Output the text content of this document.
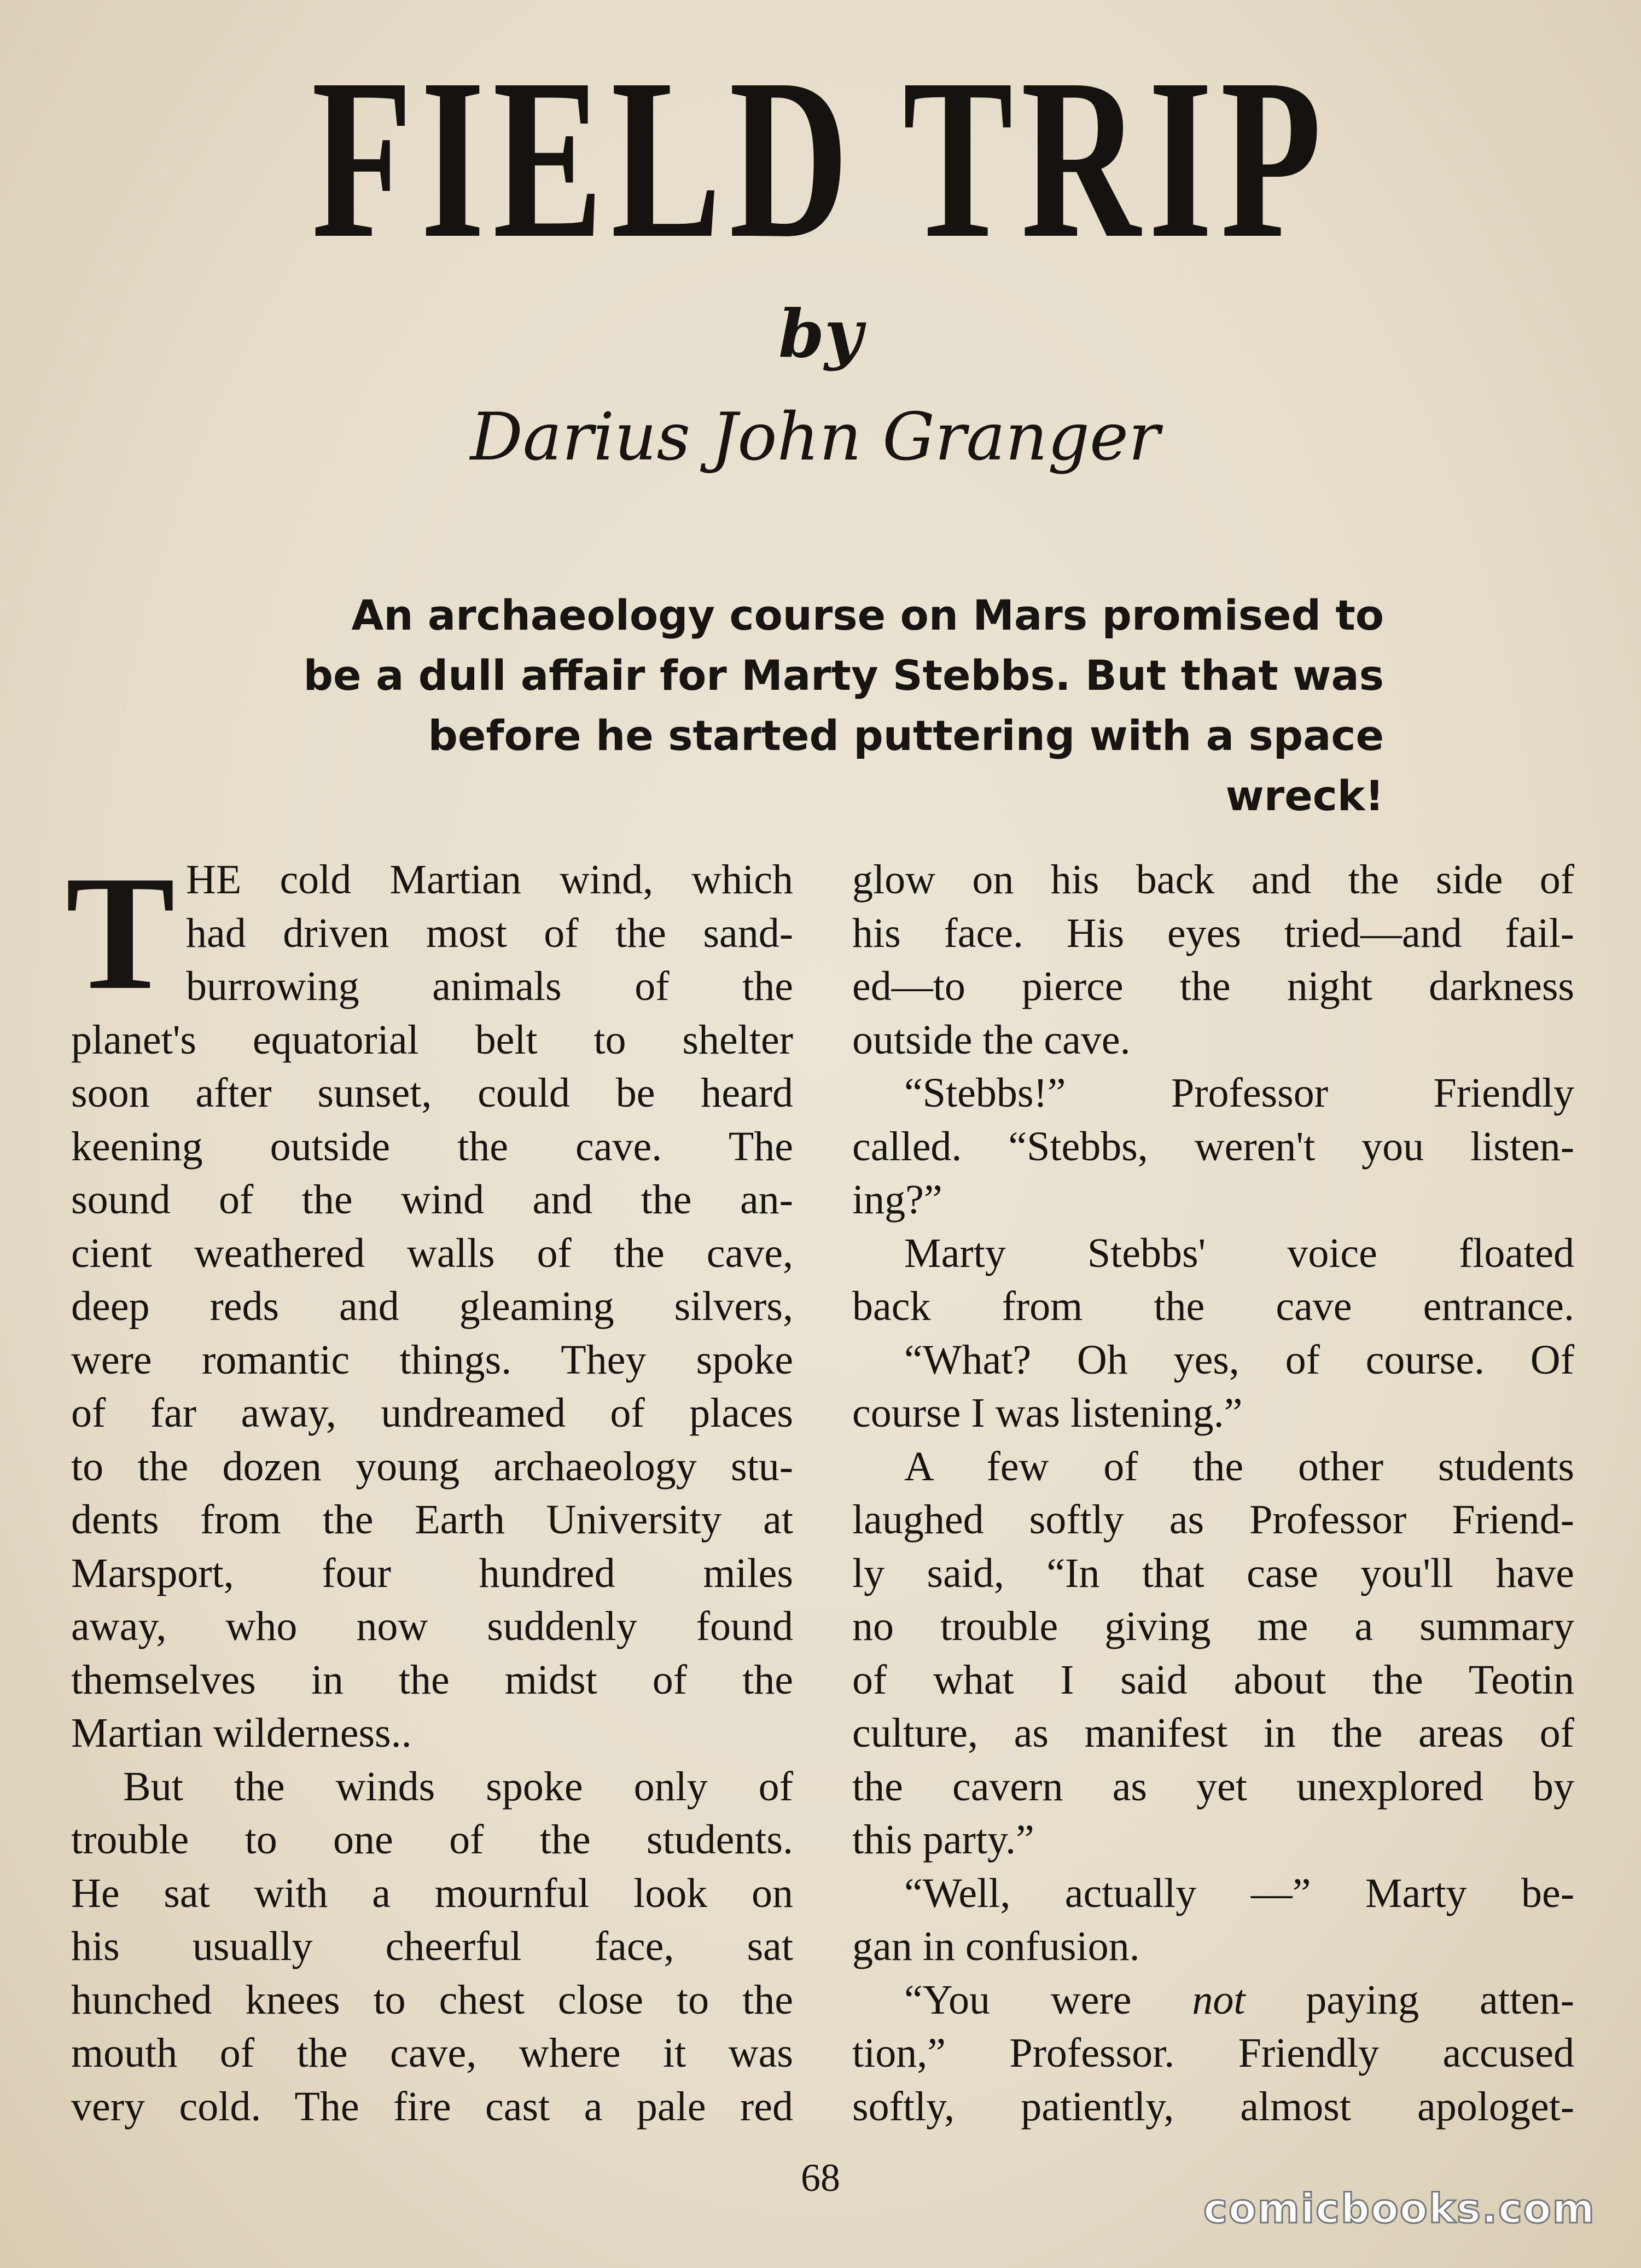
FIELD TRIP
by
Darius John Granger
An archaeology course on Mars promised to
be a dull affair for Marty Stebbs. But that was
before he started puttering with a space wreck!
T HE cold Martian wind, which
had driven most of the sand-
burrowing animals of the
planet's equatorial belt to shelter
soon after sunset, could be heard
keening outside the cave. The
sound of the wind and the an-
cient weathered walls of the cave,
deep reds and gleaming silvers,
were romantic things. They spoke
of far away, undreamed of places
to the dozen young archaeology stu-
dents from the Earth University at
Marsport, four hundred miles
away, who now suddenly found
themselves in the midst of the
Martian wilderness..
But the winds spoke only of
trouble to one of the students.
He sat with a mournful look on
his usually cheerful face, sat
hunched knees to chest close to the
mouth of the cave, where it was
very cold. The fire cast a pale red
glow on his back and the side of
his face. His eyes tried—and fail-
ed—to pierce the night darkness
outside the cave.
“Stebbs!” Professor Friendly
called. “Stebbs, weren't you listen-
ing?”
Marty Stebbs' voice floated
back from the cave entrance.
“What? Oh yes, of course. Of
course I was listening.”
A few of the other students
laughed softly as Professor Friend-
ly said, “In that case you'll have
no trouble giving me a summary
of what I said about the Teotin
culture, as manifest in the areas of
the cavern as yet unexplored by
this party.”
“Well, actually —” Marty be-
gan in confusion.
“You were not paying atten-
tion,” Professor. Friendly accused
softly, patiently, almost apologet-
68
comicbooks.com
